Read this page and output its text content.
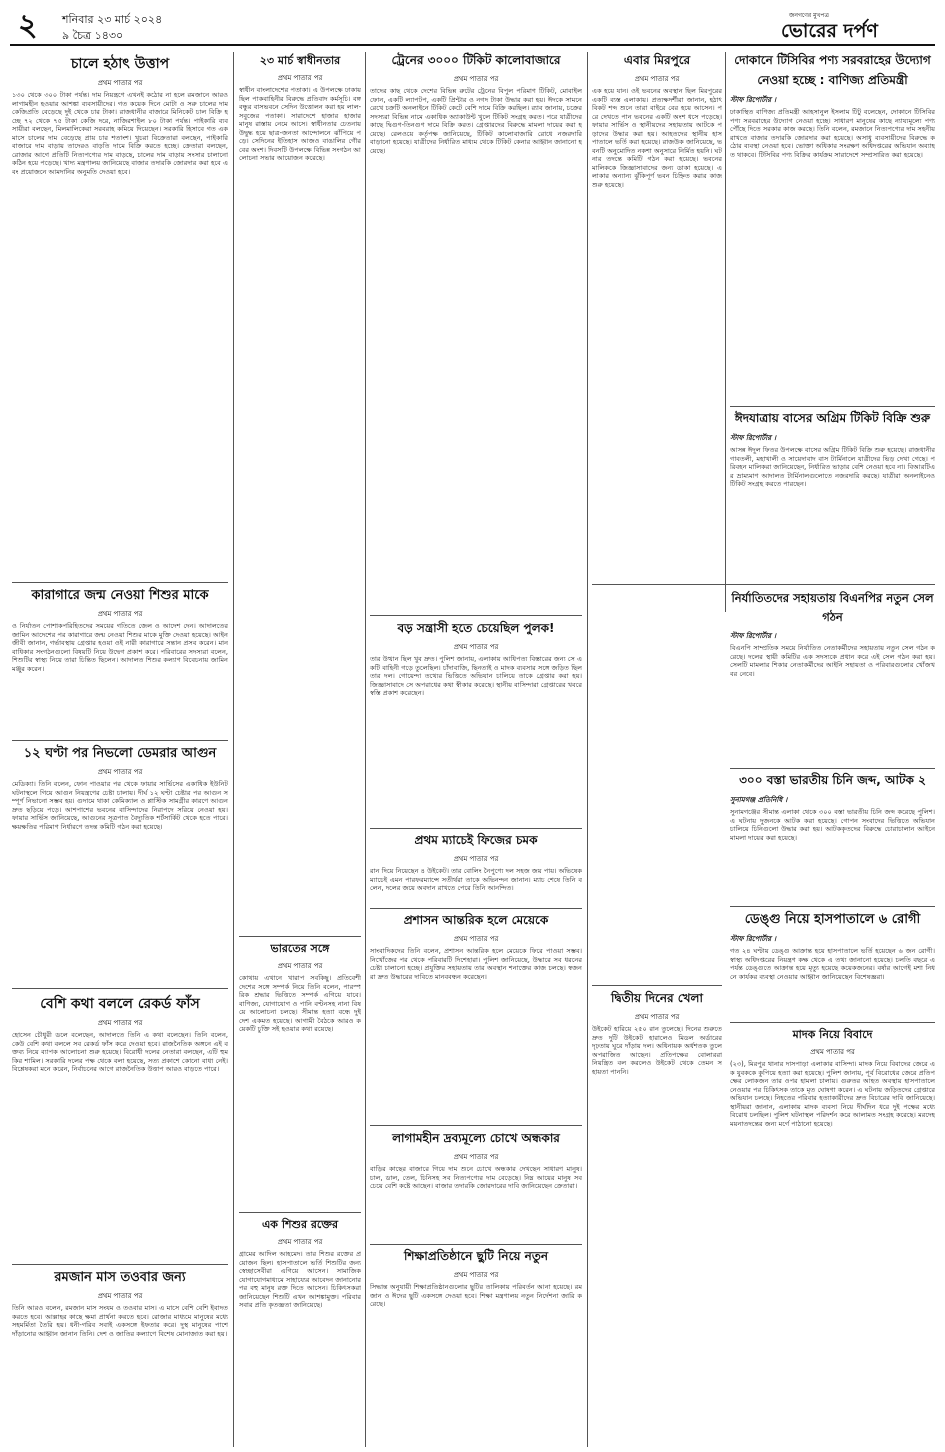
২ শনিবার ২৩ মার্চ ২০২৪
৯ চৈত্র ১৪৩০
জনগণের মুখপত্র
ভোরের দর্পণ
চালে হঠাৎ উত্তাপ
প্রথম পাতার পর

১৩০ থেকে ৩০০ টাকা পর্যন্ত। দাম নিয়ন্ত্রণে এখনই কঠোর না হলে রমজানে আরও লাগামহীন হওয়ার আশঙ্কা ব্যবসায়ীদের। গত কয়েক দিনে মোটা ও সরু চালের দাম কেজিপ্রতি বেড়েছে দুই থেকে চার টাকা। রাজধানীর বাজারে মিনিকেট চাল বিক্রি হচ্ছে ৭২ থেকে ৭৫ টাকা কেজি দরে, নাজিরশাইল ৮০ টাকা পর্যন্ত। পাইকারি ব্যবসায়ীরা বলছেন, মিলমালিকেরা সরবরাহ কমিয়ে দিয়েছেন। সরকারি হিসাবে গত এক মাসে চালের দাম বেড়েছে প্রায় চার শতাংশ। খুচরা বিক্রেতারা বলছেন, পাইকারি বাজারে দাম বাড়ায় তাদেরও বাড়তি দামে বিক্রি করতে হচ্ছে। ক্রেতারা বলছেন, রোজার আগে প্রতিটি নিত্যপণ্যের দাম বাড়ছে, চালের দাম বাড়ায় সংসার চালানো কঠিন হয়ে পড়েছে। খাদ্য মন্ত্রণালয় জানিয়েছে বাজার তদারকি জোরদার করা হবে এবং প্রয়োজনে আমদানির অনুমতি দেওয়া হবে।

কারাগারে জন্ম নেওয়া শিশুর মাকে
প্রথম পাতার পর

ও নির্যাতন পোশাকপরিহিতদের সময়ের গতিতে জেল ও আদেশ দেন। আদালতের জামিন আদেশের পর কারাগারে জন্ম নেওয়া শিশুর মাকে মুক্তি দেওয়া হয়েছে। আইনজীবী জানান, গর্ভাবস্থায় গ্রেপ্তার হওয়া ওই নারী কারাগারে সন্তান প্রসব করেন। মানবাধিকার সংগঠনগুলো বিষয়টি নিয়ে উদ্বেগ প্রকাশ করে। পরিবারের সদস্যরা বলেন, শিশুটির স্বাস্থ্য নিয়ে তারা চিন্তিত ছিলেন। আদালত শিশুর কল্যাণ বিবেচনায় জামিন মঞ্জুর করেন।

১২ ঘণ্টা পর নিভলো ডেমরার আগুন
প্রথম পাতার পর

মেডিক্যা। তিনি বলেন, ফোন পাওয়ার পর থেকে ফায়ার সার্ভিসের একাধিক ইউনিট ঘটনাস্থলে গিয়ে আগুন নিয়ন্ত্রণের চেষ্টা চালায়। দীর্ঘ ১২ ঘণ্টা চেষ্টার পর আগুন সম্পূর্ণ নিভানো সম্ভব হয়। গুদামে থাকা কেমিক্যাল ও প্লাস্টিক সামগ্রীর কারণে আগুন দ্রুত ছড়িয়ে পড়ে। আশপাশের ভবনের বাসিন্দাদের নিরাপদে সরিয়ে নেওয়া হয়। ফায়ার সার্ভিস জানিয়েছে, আগুনের সূত্রপাত বৈদ্যুতিক শর্টসার্কিট থেকে হতে পারে। ক্ষয়ক্ষতির পরিমাণ নির্ধারণে তদন্ত কমিটি গঠন করা হয়েছে।

বেশি কথা বললে রেকর্ড ফাঁস
প্রথম পাতার পর

হোসেন চৌধুরী ডলে বলেছেন, আদালতে তিনি এ কথা বলেছেন। তিনি বলেন, কেউ বেশি কথা বললে সব রেকর্ড ফাঁস করে দেওয়া হবে। রাজনৈতিক অঙ্গনে এই বক্তব্য নিয়ে ব্যাপক আলোচনা শুরু হয়েছে। বিরোধী দলের নেতারা বলছেন, এটি হুমকির শামিল। সরকারি দলের পক্ষ থেকে বলা হয়েছে, সত্য প্রকাশে কোনো বাধা নেই। বিশ্লেষকরা মনে করেন, নির্বাচনের আগে রাজনৈতিক উত্তাপ আরও বাড়তে পারে।

রমজান মাস তওবার জন্য
প্রথম পাতার পর

তিনি আরও বলেন, রমজান মাস সংযম ও তওবার মাস। এ মাসে বেশি বেশি ইবাদত করতে হবে। আল্লাহর কাছে ক্ষমা প্রার্থনা করতে হবে। রোজার মাধ্যমে মানুষের মধ্যে সহমর্মিতা তৈরি হয়। ধনী-গরিব সবাই একসঙ্গে ইফতার করে। দুস্থ মানুষের পাশে দাঁড়ানোর আহ্বান জানান তিনি। দেশ ও জাতির কল্যাণে বিশেষ মোনাজাত করা হয়।

২৩ মার্চ স্বাধীনতার
প্রথম পাতার পর

স্বাধীন বাংলাদেশের পতাকা। এ উপলক্ষে ঢাকায় ছিল পাকবাহিনীর বিরুদ্ধে প্রতিবাদ কর্মসূচি। বঙ্গবন্ধুর বাসভবনে সেদিন উত্তোলন করা হয় লাল-সবুজের পতাকা। সারাদেশে হাজার হাজার মানুষ রাস্তায় নেমে আসে। স্বাধীনতার চেতনায় উদ্বুদ্ধ হয়ে ছাত্র-জনতা আন্দোলনে ঝাঁপিয়ে পড়ে। সেদিনের ইতিহাস আজও বাঙালির গৌরবের অংশ। দিবসটি উপলক্ষে বিভিন্ন সংগঠন আলোচনা সভার আয়োজন করেছে।

ভারতের সঙ্গে
প্রথম পাতার পর

কোথায় এখানে খারাপ সবকিছু। প্রতিবেশী দেশের সঙ্গে সম্পর্ক নিয়ে তিনি বলেন, পারস্পরিক শ্রদ্ধার ভিত্তিতে সম্পর্ক এগিয়ে যাবে। বাণিজ্য, যোগাযোগ ও পানি বণ্টনসহ নানা বিষয়ে আলোচনা চলছে। সীমান্ত হত্যা বন্ধে দুই দেশ একমত হয়েছে। আগামী বৈঠকে আরও কয়েকটি চুক্তি সই হওয়ার কথা রয়েছে।

এক শিশুর রক্তের
প্রথম পাতার পর

গ্রামের আদিল আহমেদ। তার শিশুর রক্তের প্রয়োজন ছিল। হাসপাতালে ভর্তি শিশুটির জন্য স্বেচ্ছাসেবীরা এগিয়ে আসেন। সামাজিক যোগাযোগমাধ্যমে সাহায্যের আবেদন জানানোর পর বহু মানুষ রক্ত দিতে আসেন। চিকিৎসকরা জানিয়েছেন শিশুটি এখন আশঙ্কামুক্ত। পরিবার সবার প্রতি কৃতজ্ঞতা জানিয়েছে।

ট্রেনের ৩০০০ টিকিট কালোবাজারে
প্রথম পাতার পর

তাদের কাছ থেকে দেশের বিভিন্ন রুটের ট্রেনের বিপুল পরিমাণ টিকিট, মোবাইল ফোন, একটি ল্যাপটপ, একটি প্রিন্টার ও নগদ টাকা উদ্ধার করা হয়। ঈদকে সামনে রেখে চক্রটি অনলাইনে টিকিট কেটে বেশি দামে বিক্রি করছিল। র‍্যাব জানায়, চক্রের সদস্যরা বিভিন্ন নামে একাধিক অ্যাকাউন্ট খুলে টিকিট সংগ্রহ করত। পরে যাত্রীদের কাছে দ্বিগুণ-তিনগুণ দামে বিক্রি করত। গ্রেপ্তারদের বিরুদ্ধে মামলা দায়ের করা হয়েছে। রেলওয়ে কর্তৃপক্ষ জানিয়েছে, টিকিট কালোবাজারি রোধে নজরদারি বাড়ানো হয়েছে। যাত্রীদের নির্ধারিত মাধ্যম থেকে টিকিট কেনার আহ্বান জানানো হয়েছে।

বড় সন্ত্রাসী হতে চেয়েছিল পুলক!
প্রথম পাতার পর

তার উত্থান ছিল খুব দ্রুত। পুলিশ জানায়, এলাকায় আধিপত্য বিস্তারের জন্য সে একটি বাহিনী গড়ে তুলেছিল। চাঁদাবাজি, ছিনতাই ও মাদক ব্যবসার সঙ্গে জড়িত ছিল তার দল। গোয়েন্দা তথ্যের ভিত্তিতে অভিযান চালিয়ে তাকে গ্রেপ্তার করা হয়। জিজ্ঞাসাবাদে সে অপরাধের কথা স্বীকার করেছে। স্থানীয় বাসিন্দারা গ্রেপ্তারের খবরে স্বস্তি প্রকাশ করেছেন।

প্রথম ম্যাচেই ফিজের চমক
প্রথম পাতার পর

রান দিয়ে নিয়েছেন ৪ উইকেট। তার বোলিং নৈপুণ্যে দল সহজ জয় পায়। অভিষেক ম্যাচেই এমন পারফরম্যান্সে সতীর্থরা তাকে অভিনন্দন জানান। ম্যাচ শেষে তিনি বলেন, দলের জয়ে অবদান রাখতে পেরে তিনি আনন্দিত।

প্রশাসন আন্তরিক হলে মেয়েকে
প্রথম পাতার পর

সাংবাদিকদের তিনি বলেন, প্রশাসন আন্তরিক হলে মেয়েকে ফিরে পাওয়া সম্ভব। নিখোঁজের পর থেকে পরিবারটি দিশেহারা। পুলিশ জানিয়েছে, উদ্ধারে সব ধরনের চেষ্টা চালানো হচ্ছে। প্রযুক্তির সহায়তায় তার অবস্থান শনাক্তের কাজ চলছে। স্বজনরা দ্রুত উদ্ধারের দাবিতে মানববন্ধন করেছেন।

লাগামহীন দ্রব্যমূল্যে চোখে অন্ধকার
প্রথম পাতার পর

বাড়ির কাছের বাজারে গিয়ে দাম শুনে চোখে অন্ধকার দেখছেন সাধারণ মানুষ। চাল, ডাল, তেল, চিনিসহ সব নিত্যপণ্যের দাম বেড়েছে। নিম্ন আয়ের মানুষ সবচেয়ে বেশি কষ্টে আছেন। বাজার তদারকি জোরদারের দাবি জানিয়েছেন ক্রেতারা।

শিক্ষাপ্রতিষ্ঠানে ছুটি নিয়ে নতুন
প্রথম পাতার পর

সিদ্ধান্ত অনুযায়ী শিক্ষাপ্রতিষ্ঠানগুলোর ছুটির তালিকায় পরিবর্তন আনা হয়েছে। রমজান ও ঈদের ছুটি একসঙ্গে দেওয়া হবে। শিক্ষা মন্ত্রণালয় নতুন নির্দেশনা জারি করেছে।

এবার মিরপুরে
প্রথম পাতার পর

এক হয়ে যান। ওই ভবনের অবস্থান ছিল মিরপুরের একটি ব্যস্ত এলাকায়। প্রত্যক্ষদর্শীরা জানান, হঠাৎ বিকট শব্দ শুনে তারা বাইরে বের হয়ে আসেন। পরে দেখতে পান ভবনের একটি অংশ ধসে পড়েছে। ফায়ার সার্ভিস ও স্থানীয়দের সহায়তায় আটকে পড়াদের উদ্ধার করা হয়। আহতদের স্থানীয় হাসপাতালে ভর্তি করা হয়েছে। রাজউক জানিয়েছে, ভবনটি অনুমোদিত নকশা অনুসারে নির্মিত হয়নি। ঘটনার তদন্তে কমিটি গঠন করা হয়েছে। ভবনের মালিককে জিজ্ঞাসাবাদের জন্য ডাকা হয়েছে। এলাকার অন্যান্য ঝুঁকিপূর্ণ ভবন চিহ্নিত করার কাজ শুরু হয়েছে।

দ্বিতীয় দিনের খেলা
প্রথম পাতার পর

উইকেট হারিয়ে ২৫০ রান তুলেছে। দিনের শুরুতে দ্রুত দুটি উইকেট হারালেও মিডল অর্ডারের দৃঢ়তায় ঘুরে দাঁড়ায় দল। অধিনায়ক অর্ধশতক তুলে অপরাজিত আছেন। প্রতিপক্ষের বোলাররা নিয়ন্ত্রিত বল করলেও উইকেট থেকে তেমন সহায়তা পাননি।

দোকানে টিসিবির পণ্য সরবরাহের উদ্যোগ নেওয়া হচ্ছে : বাণিজ্য প্রতিমন্ত্রী
স্টাফ রিপোর্টার ।

ঢাকাস্থিত বাণিজ্য প্রতিমন্ত্রী আহসানুল ইসলাম টিটু বলেছেন, দোকানে টিসিবির পণ্য সরবরাহের উদ্যোগ নেওয়া হচ্ছে। সাধারণ মানুষের কাছে ন্যায্যমূল্যে পণ্য পৌঁছে দিতে সরকার কাজ করছে। তিনি বলেন, রমজানে নিত্যপণ্যের দাম সহনীয় রাখতে বাজার তদারকি জোরদার করা হয়েছে। অসাধু ব্যবসায়ীদের বিরুদ্ধে কঠোর ব্যবস্থা নেওয়া হবে। ভোক্তা অধিকার সংরক্ষণ অধিদপ্তরের অভিযান অব্যাহত থাকবে। টিসিবির পণ্য বিক্রির কার্যক্রম সারাদেশে সম্প্রসারিত করা হয়েছে।

ঈদযাত্রায় বাসের অগ্রিম টিকিট বিক্রি শুরু
স্টাফ রিপোর্টার ।

আসন্ন ঈদুল ফিতর উপলক্ষে বাসের অগ্রিম টিকিট বিক্রি শুরু হয়েছে। রাজধানীর গাবতলী, মহাখালী ও সায়েদাবাদ বাস টার্মিনালে যাত্রীদের ভিড় দেখা গেছে। পরিবহন মালিকরা জানিয়েছেন, নির্ধারিত ভাড়ার বেশি নেওয়া হবে না। বিআরটিএর ভ্রাম্যমাণ আদালত টার্মিনালগুলোতে নজরদারি করছে। যাত্রীরা অনলাইনেও টিকিট সংগ্রহ করতে পারছেন।

নির্যাতিতদের সহায়তায় বিএনপির নতুন সেল গঠন
স্টাফ রিপোর্টার ।

বিএনপি সাম্প্রতিক সময়ে নির্যাতিত নেতাকর্মীদের সহায়তায় নতুন সেল গঠন করেছে। দলের স্থায়ী কমিটির এক সদস্যকে প্রধান করে এই সেল গঠন করা হয়। সেলটি মামলার শিকার নেতাকর্মীদের আইনি সহায়তা ও পরিবারগুলোর খোঁজখবর নেবে।

৩০০ বস্তা ভারতীয় চিনি জব্দ, আটক ২
সুনামগঞ্জ প্রতিনিধি ।

সুনামগঞ্জের সীমান্ত এলাকা থেকে ৩০০ বস্তা ভারতীয় চিনি জব্দ করেছে পুলিশ। এ ঘটনায় দুজনকে আটক করা হয়েছে। গোপন সংবাদের ভিত্তিতে অভিযান চালিয়ে চিনিগুলো উদ্ধার করা হয়। আটককৃতদের বিরুদ্ধে চোরাচালান আইনে মামলা দায়ের করা হয়েছে।

ডেঙ্গু নিয়ে হাসপাতালে ৬ রোগী
স্টাফ রিপোর্টার ।

গত ২৪ ঘণ্টায় ডেঙ্গু আক্রান্ত হয়ে হাসপাতালে ভর্তি হয়েছেন ৬ জন রোগী। স্বাস্থ্য অধিদপ্তরের নিয়ন্ত্রণ কক্ষ থেকে এ তথ্য জানানো হয়েছে। চলতি বছরে এ পর্যন্ত ডেঙ্গুতে আক্রান্ত হয়ে মৃত্যু হয়েছে কয়েকজনের। বর্ষার আগেই মশা নিধনে কার্যকর ব্যবস্থা নেওয়ার আহ্বান জানিয়েছেন বিশেষজ্ঞরা।

মাদক নিয়ে বিবাদে
প্রথম পাতার পর

(২৩), মিরপুর থানার দাসপাড়া এলাকার বাসিন্দা। মাদক নিয়ে বিবাদের জেরে এক যুবককে কুপিয়ে হত্যা করা হয়েছে। পুলিশ জানায়, পূর্ব বিরোধের জেরে প্রতিপক্ষের লোকজন তার ওপর হামলা চালায়। গুরুতর আহত অবস্থায় হাসপাতালে নেওয়ার পর চিকিৎসক তাকে মৃত ঘোষণা করেন। এ ঘটনায় জড়িতদের গ্রেপ্তারে অভিযান চলছে। নিহতের পরিবার হত্যাকারীদের দ্রুত বিচারের দাবি জানিয়েছে। স্থানীয়রা জানান, এলাকায় মাদক ব্যবসা নিয়ে দীর্ঘদিন ধরে দুই পক্ষের মধ্যে বিরোধ চলছিল। পুলিশ ঘটনাস্থল পরিদর্শন করে আলামত সংগ্রহ করেছে। মরদেহ ময়নাতদন্তের জন্য মর্গে পাঠানো হয়েছে।
